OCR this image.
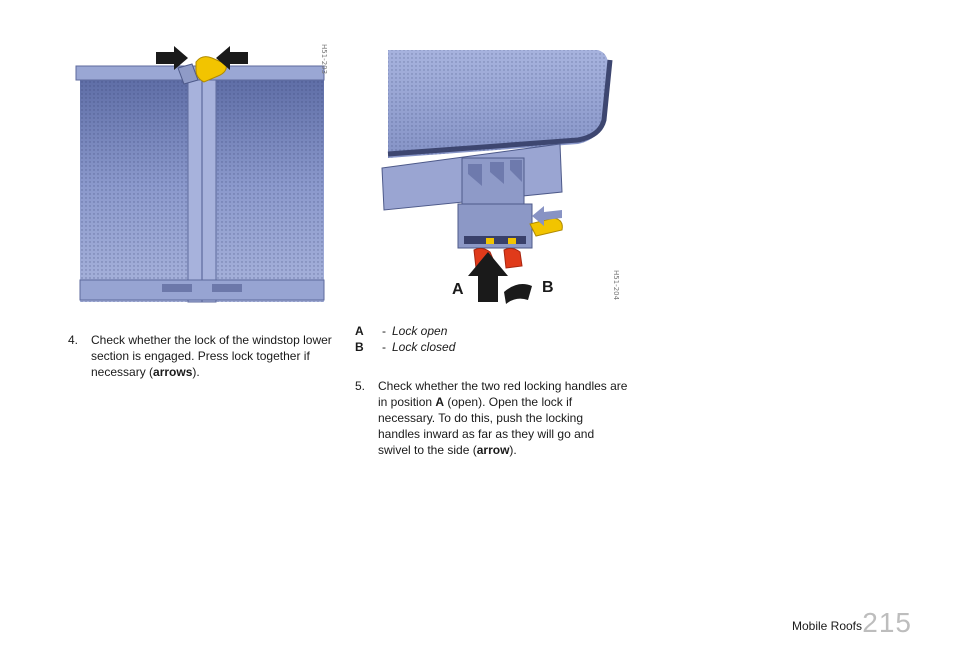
H51-203
A	B	H51-204
4. Check whether the lock of the windstop lower section is engaged. Press lock together if necessary (arrows).
A - Lock open
B - Lock closed
5. Check whether the two red locking handles are in position A (open). Open the lock if necessary. To do this, push the locking handles inward as far as they will go and swivel to the side (arrow).
Mobile Roofs 215
